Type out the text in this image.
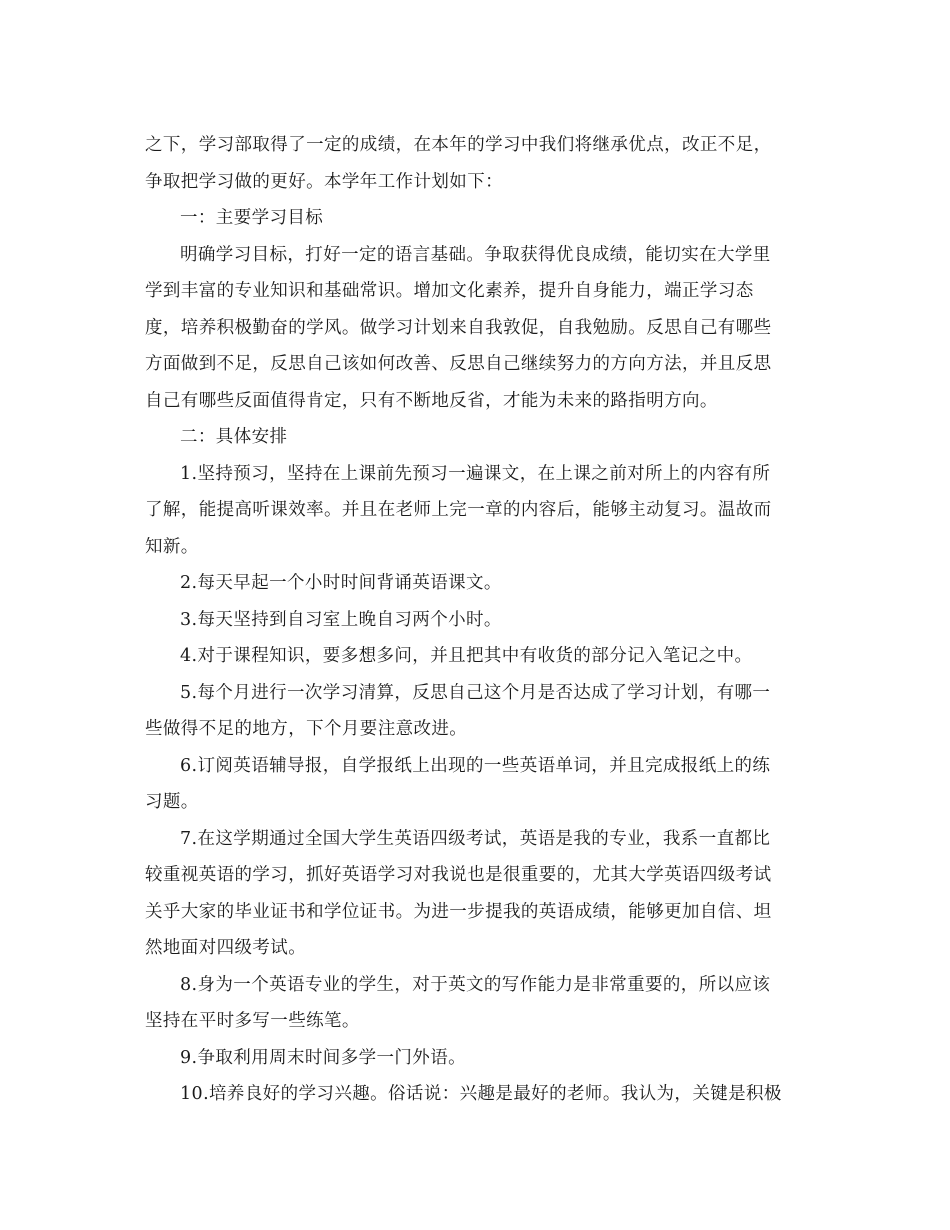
之下，学习部取得了一定的成绩，在本年的学习中我们将继承优点，改正不足，
争取把学习做的更好。本学年工作计划如下：
一：主要学习目标
明确学习目标，打好一定的语言基础。争取获得优良成绩，能切实在大学里
学到丰富的专业知识和基础常识。增加文化素养，提升自身能力，端正学习态
度，培养积极勤奋的学风。做学习计划来自我敦促，自我勉励。反思自己有哪些
方面做到不足，反思自己该如何改善、反思自己继续努力的方向方法，并且反思
自己有哪些反面值得肯定，只有不断地反省，才能为未来的路指明方向。
二：具体安排
1.坚持预习，坚持在上课前先预习一遍课文，在上课之前对所上的内容有所
了解，能提高听课效率。并且在老师上完一章的内容后，能够主动复习。温故而
知新。
2.每天早起一个小时时间背诵英语课文。
3.每天坚持到自习室上晚自习两个小时。
4.对于课程知识，要多想多问，并且把其中有收货的部分记入笔记之中。
5.每个月进行一次学习清算，反思自己这个月是否达成了学习计划，有哪一
些做得不足的地方，下个月要注意改进。
6.订阅英语辅导报，自学报纸上出现的一些英语单词，并且完成报纸上的练
习题。
7.在这学期通过全国大学生英语四级考试，英语是我的专业，我系一直都比
较重视英语的学习，抓好英语学习对我说也是很重要的，尤其大学英语四级考试
关乎大家的毕业证书和学位证书。为进一步提我的英语成绩，能够更加自信、坦
然地面对四级考试。
8.身为一个英语专业的学生，对于英文的写作能力是非常重要的，所以应该
坚持在平时多写一些练笔。
9.争取利用周末时间多学一门外语。
10.培养良好的学习兴趣。俗话说：兴趣是最好的老师。我认为，关键是积极
